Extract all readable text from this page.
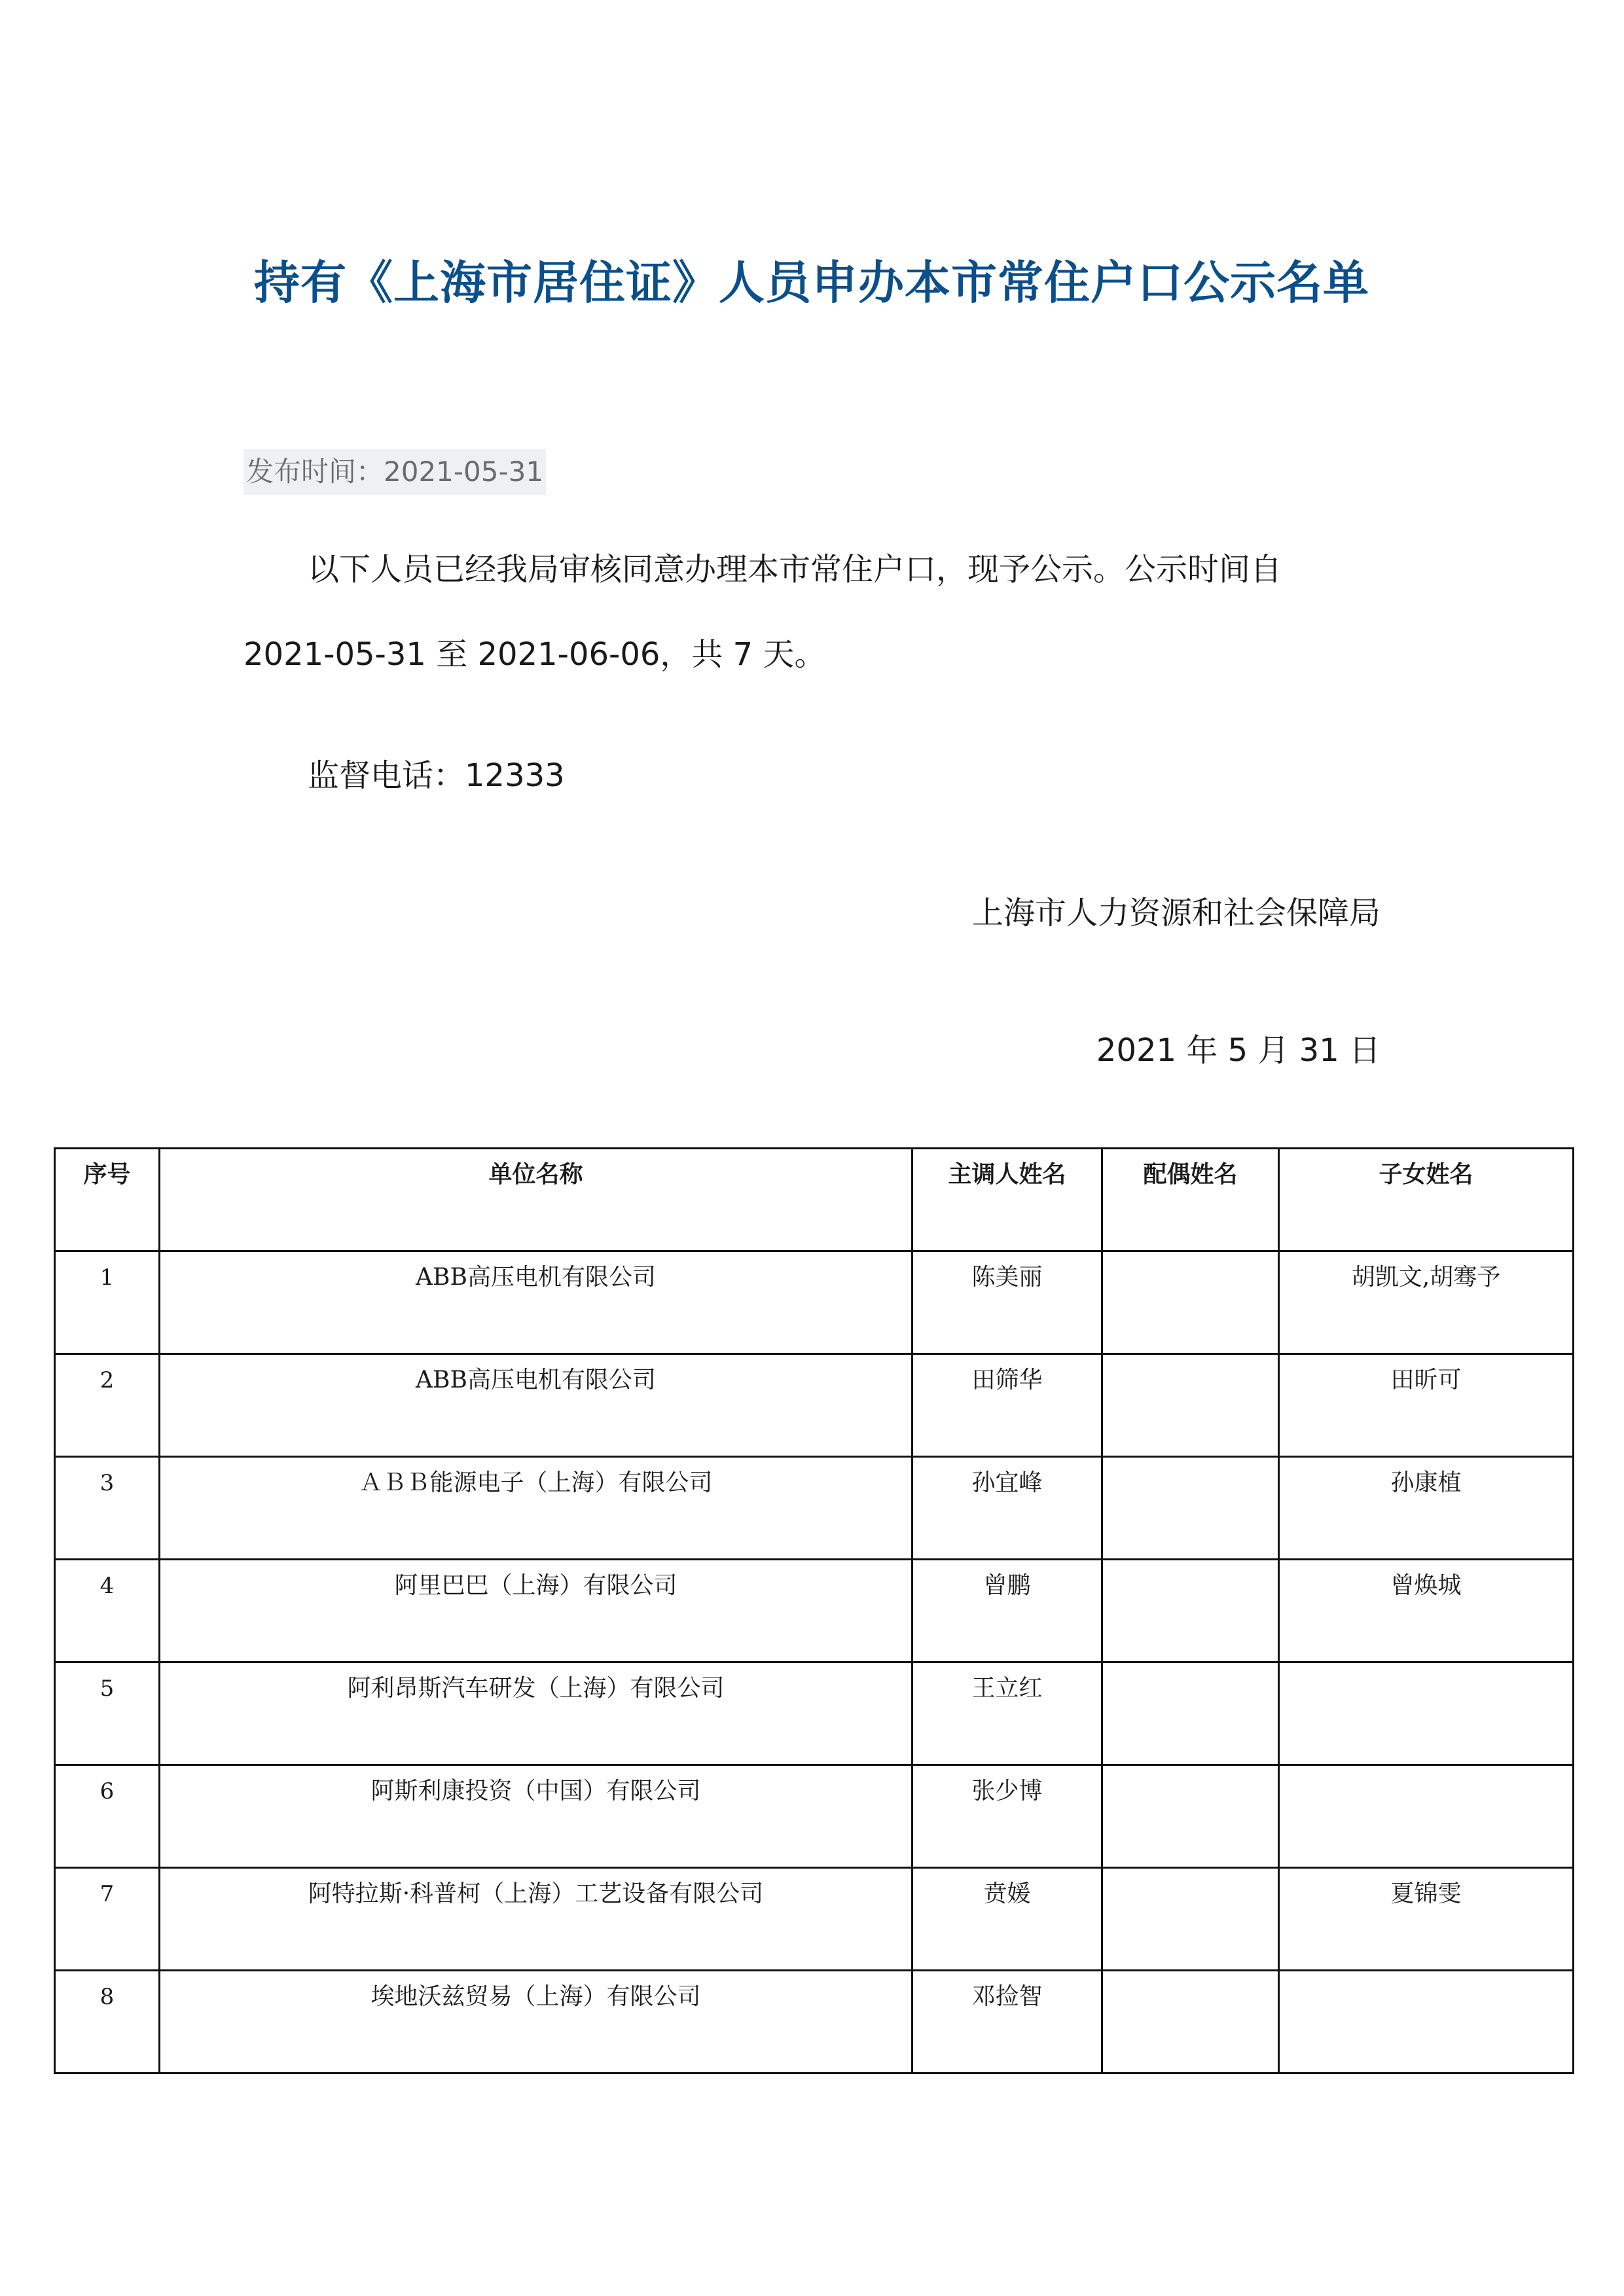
持有《上海市居住证》人员申办本市常住户口公示名单
发布时间：2021-05-31
以下人员已经我局审核同意办理本市常住户口，现予公示。公示时间自 2021-05-31 至 2021-06-06，共 7 天。
监督电话：12333
上海市人力资源和社会保障局
2021 年 5 月 31 日
序号	单位名称	主调人姓名	配偶姓名	子女姓名
1	ABB高压电机有限公司	陈美丽		胡凯文,胡骞予
2	ABB高压电机有限公司	田筛华		田昕可
3	ＡＢＢ能源电子（上海）有限公司	孙宜峰		孙康植
4	阿里巴巴（上海）有限公司	曾鹏		曾焕城
5	阿利昂斯汽车研发（上海）有限公司	王立红		
6	阿斯利康投资（中国）有限公司	张少博		
7	阿特拉斯·科普柯（上海）工艺设备有限公司	贲媛		夏锦雯
8	埃地沃兹贸易（上海）有限公司	邓捡智		
